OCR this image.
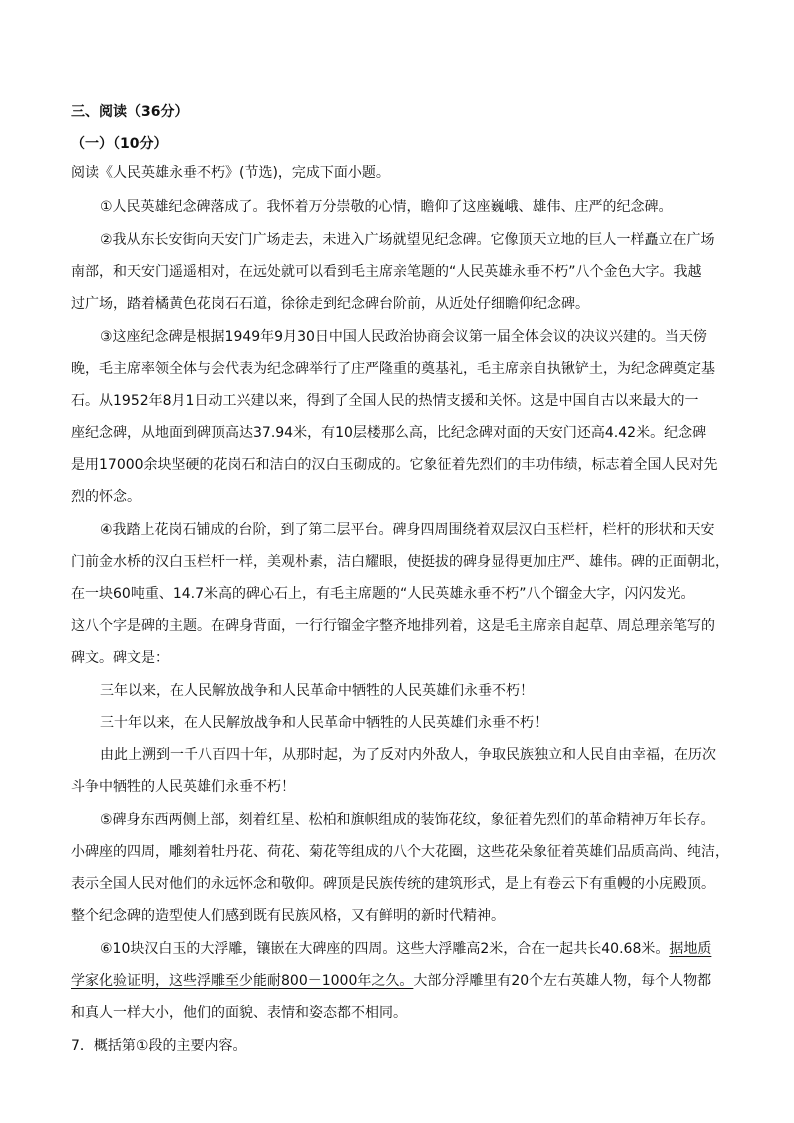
三、阅读（36分）
（一）（10分）
阅读《人民英雄永垂不朽》(节选)，完成下面小题。
①人民英雄纪念碑落成了。我怀着万分崇敬的心情，瞻仰了这座巍峨、雄伟、庄严的纪念碑。
②我从东长安街向天安门广场走去，未进入广场就望见纪念碑。它像顶天立地的巨人一样矗立在广场
南部，和天安门遥遥相对，在远处就可以看到毛主席亲笔题的“人民英雄永垂不朽”八个金色大字。我越
过广场，踏着橘黄色花岗石石道，徐徐走到纪念碑台阶前，从近处仔细瞻仰纪念碑。
③这座纪念碑是根据1949年9月30日中国人民政治协商会议第一届全体会议的决议兴建的。当天傍
晚，毛主席率领全体与会代表为纪念碑举行了庄严隆重的奠基礼，毛主席亲自执锹铲土，为纪念碑奠定基
石。从1952年8月1日动工兴建以来，得到了全国人民的热情支援和关怀。这是中国自古以来最大的一
座纪念碑，从地面到碑顶高达37.94米，有10层楼那么高，比纪念碑对面的天安门还高4.42米。纪念碑
是用17000余块坚硬的花岗石和洁白的汉白玉砌成的。它象征着先烈们的丰功伟绩，标志着全国人民对先
烈的怀念。
④我踏上花岗石铺成的台阶，到了第二层平台。碑身四周围绕着双层汉白玉栏杆，栏杆的形状和天安
门前金水桥的汉白玉栏杆一样，美观朴素，洁白耀眼，使挺拔的碑身显得更加庄严、雄伟。碑的正面朝北，
在一块60吨重、14.7米高的碑心石上，有毛主席题的“人民英雄永垂不朽”八个镏金大字，闪闪发光。
这八个字是碑的主题。在碑身背面，一行行镏金字整齐地排列着，这是毛主席亲自起草、周总理亲笔写的
碑文。碑文是：
三年以来，在人民解放战争和人民革命中牺牲的人民英雄们永垂不朽！
三十年以来，在人民解放战争和人民革命中牺牲的人民英雄们永垂不朽！
由此上溯到一千八百四十年，从那时起，为了反对内外敌人，争取民族独立和人民自由幸福，在历次
斗争中牺牲的人民英雄们永垂不朽！
⑤碑身东西两侧上部，刻着红星、松柏和旗帜组成的装饰花纹，象征着先烈们的革命精神万年长存。
小碑座的四周，雕刻着牡丹花、荷花、菊花等组成的八个大花圈，这些花朵象征着英雄们品质高尚、纯洁，
表示全国人民对他们的永远怀念和敬仰。碑顶是民族传统的建筑形式，是上有卷云下有重幔的小庑殿顶。
整个纪念碑的造型使人们感到既有民族风格，又有鲜明的新时代精神。
⑥10块汉白玉的大浮雕，镶嵌在大碑座的四周。这些大浮雕高2米，合在一起共长40.68米。据地质
学家化验证明，这些浮雕至少能耐800－1000年之久。大部分浮雕里有20个左右英雄人物，每个人物都
和真人一样大小，他们的面貌、表情和姿态都不相同。
7．概括第①段的主要内容。
